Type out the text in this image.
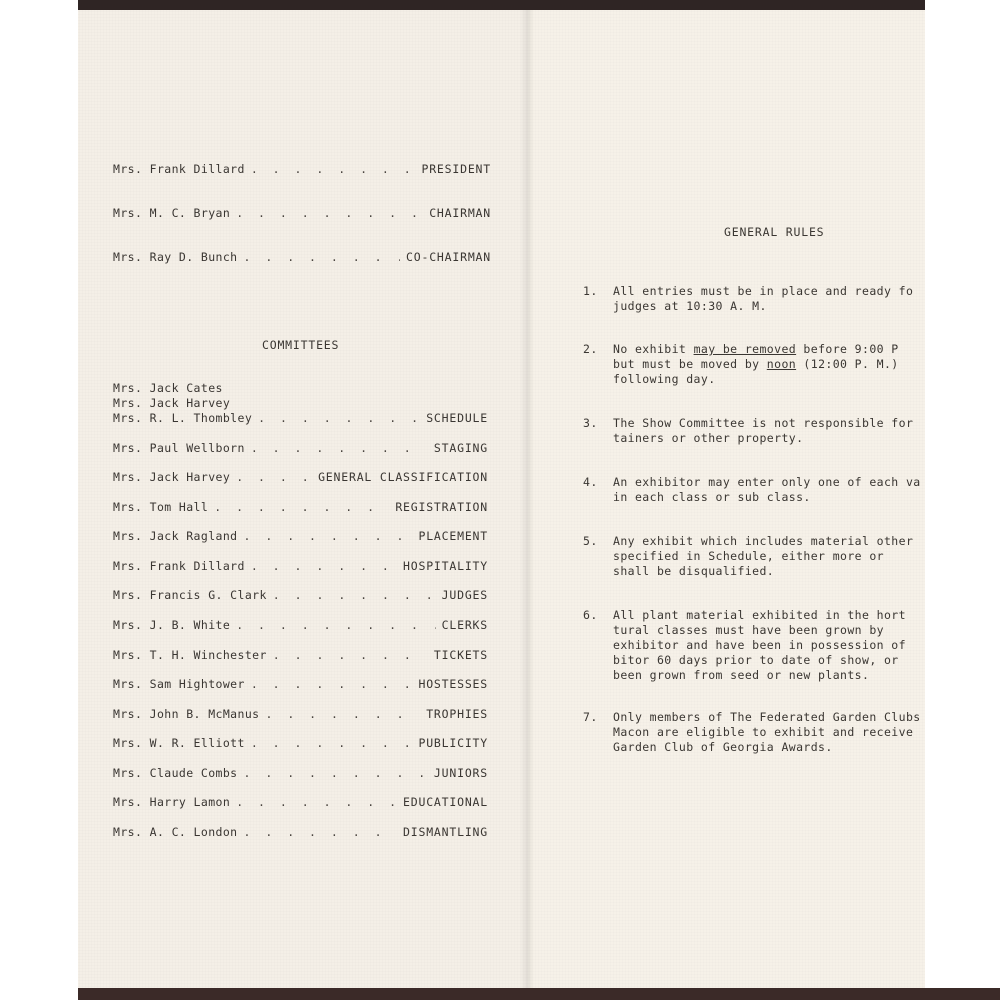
Mrs. Frank Dillard . . .	PRESIDENT
Mrs. M. C. Bryan . . .	CHAIRMAN
Mrs. Ray D. Bunch . . .	CO-CHAIRMAN
COMMITTEES
Mrs. Jack Cates
Mrs. Jack Harvey
Mrs. R. L. Thombley . . .	SCHEDULE
Mrs. Paul Wellborn . . .	STAGING
Mrs. Jack Harvey . . .	GENERAL CLASSIFICATION
Mrs. Tom Hall . . .	REGISTRATION
Mrs. Jack Ragland . . .	PLACEMENT
Mrs. Frank Dillard . . .	HOSPITALITY
Mrs. Francis G. Clark . . .	JUDGES
Mrs. J. B. White . . .	CLERKS
Mrs. T. H. Winchester . . .	TICKETS
Mrs. Sam Hightower . . .	HOSTESSES
Mrs. John B. McManus . . .	TROPHIES
Mrs. W. R. Elliott . . .	PUBLICITY
Mrs. Claude Combs . . .	JUNIORS
Mrs. Harry Lamon . . .	EDUCATIONAL
Mrs. A. C. London . . .	DISMANTLING
GENERAL RULES
1. All entries must be in place and ready fo
judges at 10:30 A. M.
2. No exhibit may be removed before 9:00 P
but must be moved by noon (12:00 P. M.)
following day.
3. The Show Committee is not responsible for
tainers or other property.
4. An exhibitor may enter only one of each va
in each class or sub class.
5. Any exhibit which includes material other
specified in Schedule, either more or
shall be disqualified.
6. All plant material exhibited in the hort
tural classes must have been grown by
exhibitor and have been in possession of
bitor 60 days prior to date of show, or
been grown from seed or new plants.
7. Only members of The Federated Garden Clubs
Macon are eligible to exhibit and receive
Garden Club of Georgia Awards.
